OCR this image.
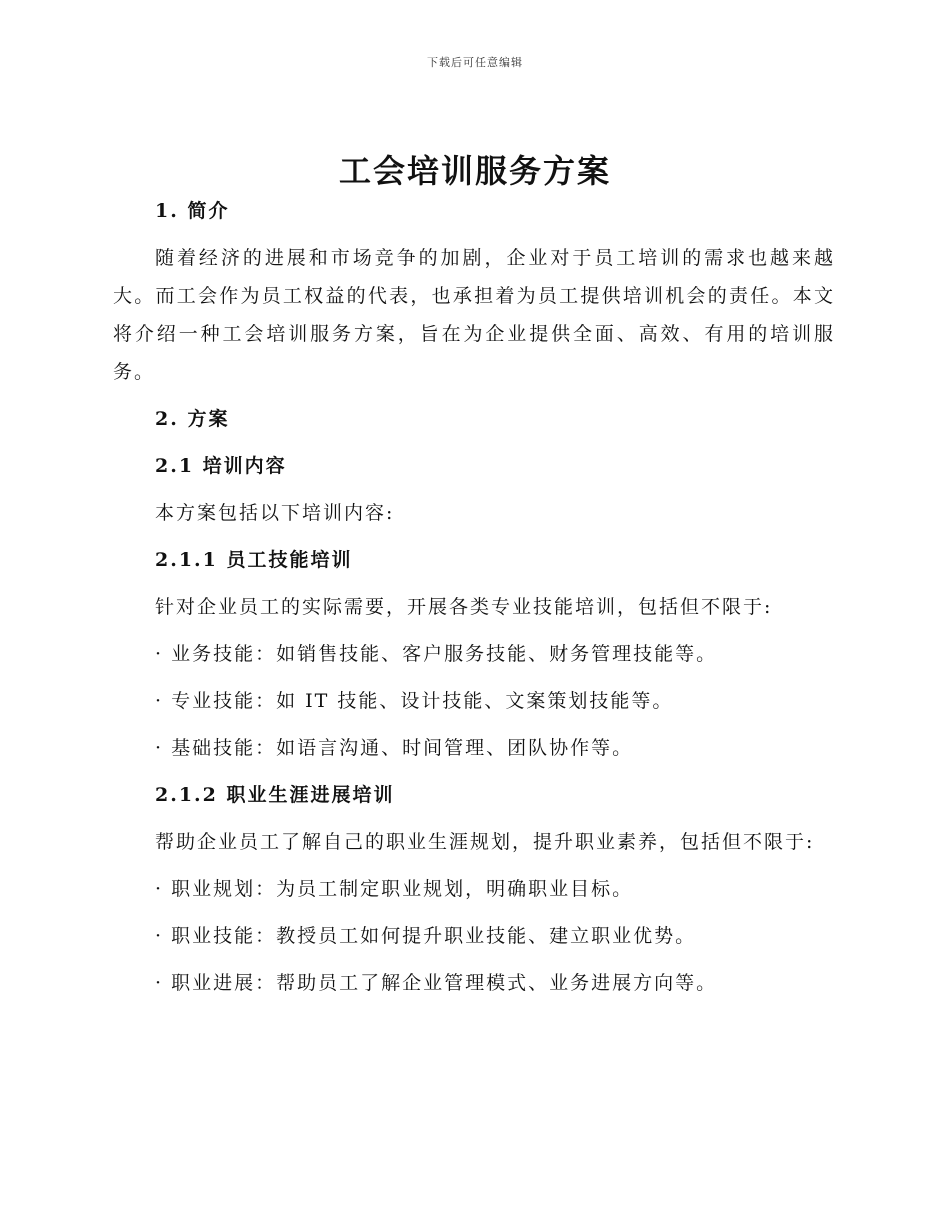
下载后可任意编辑
工会培训服务方案
1. 简介

随着经济的进展和市场竞争的加剧，企业对于员工培训的需求也越来越大。而工会作为员工权益的代表，也承担着为员工提供培训机会的责任。本文将介绍一种工会培训服务方案，旨在为企业提供全面、高效、有用的培训服务。

2. 方案
2.1 培训内容

本方案包括以下培训内容:

2.1.1 员工技能培训

针对企业员工的实际需要，开展各类专业技能培训，包括但不限于:

· 业务技能：如销售技能、客户服务技能、财务管理技能等。

· 专业技能：如 IT 技能、设计技能、文案策划技能等。

· 基础技能：如语言沟通、时间管理、团队协作等。

2.1.2 职业生涯进展培训

帮助企业员工了解自己的职业生涯规划，提升职业素养，包括但不限于:

· 职业规划：为员工制定职业规划，明确职业目标。

· 职业技能：教授员工如何提升职业技能、建立职业优势。

· 职业进展：帮助员工了解企业管理模式、业务进展方向等。
